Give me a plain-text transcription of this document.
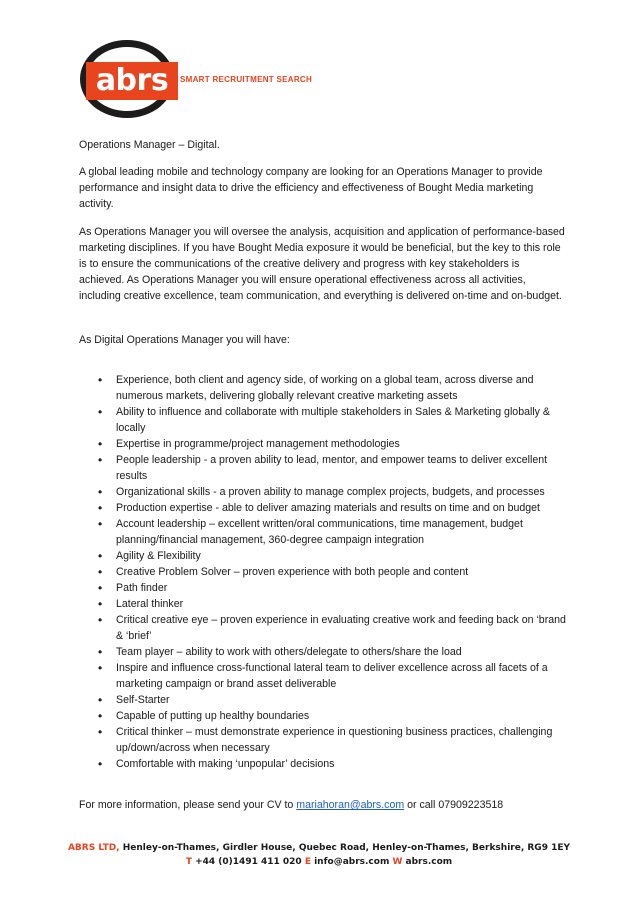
abrs	SMART RECRUITMENT SEARCH

Operations Manager – Digital.

A global leading mobile and technology company are looking for an Operations Manager to provide performance and insight data to drive the efficiency and effectiveness of Bought Media marketing activity.

As Operations Manager you will oversee the analysis, acquisition and application of performance-based marketing disciplines. If you have Bought Media exposure it would be beneficial, but the key to this role is to ensure the communications of the creative delivery and progress with key stakeholders is achieved. As Operations Manager you will ensure operational effectiveness across all activities, including creative excellence, team communication, and everything is delivered on-time and on-budget.

As Digital Operations Manager you will have:

• Experience, both client and agency side, of working on a global team, across diverse and numerous markets, delivering globally relevant creative marketing assets
• Ability to influence and collaborate with multiple stakeholders in Sales & Marketing globally & locally
• Expertise in programme/project management methodologies
• People leadership - a proven ability to lead, mentor, and empower teams to deliver excellent results
• Organizational skills - a proven ability to manage complex projects, budgets, and processes
• Production expertise - able to deliver amazing materials and results on time and on budget
• Account leadership – excellent written/oral communications, time management, budget planning/financial management, 360-degree campaign integration
• Agility & Flexibility
• Creative Problem Solver – proven experience with both people and content
• Path finder
• Lateral thinker
• Critical creative eye – proven experience in evaluating creative work and feeding back on ‘brand & ‘brief’
• Team player – ability to work with others/delegate to others/share the load
• Inspire and influence cross-functional lateral team to deliver excellence across all facets of a marketing campaign or brand asset deliverable
• Self-Starter
• Capable of putting up healthy boundaries
• Critical thinker – must demonstrate experience in questioning business practices, challenging up/down/across when necessary
• Comfortable with making ‘unpopular’ decisions
For more information, please send your CV to mariahoran@abrs.com or call 07909223518
ABRS LTD, Henley-on-Thames, Girdler House, Quebec Road, Henley-on-Thames, Berkshire, RG9 1EY
T +44 (0)1491 411 020 E info@abrs.com W abrs.com
